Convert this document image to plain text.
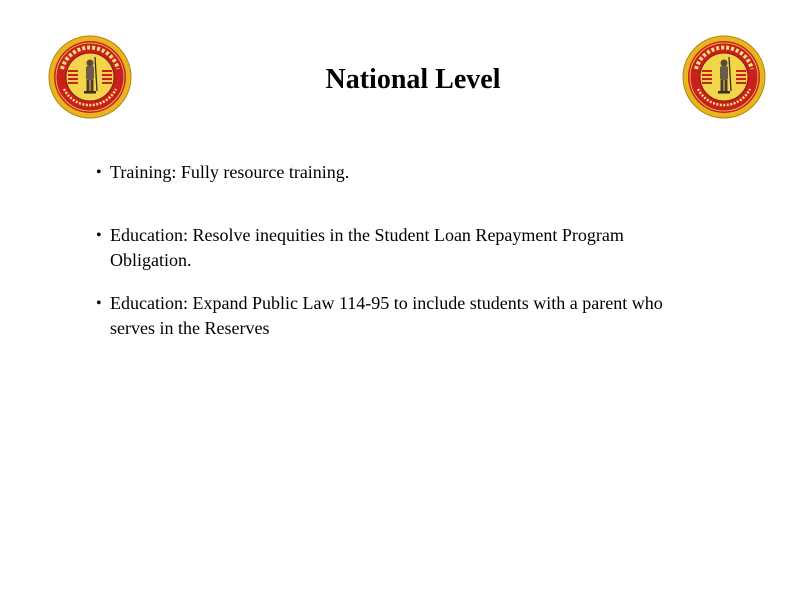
National Level
• Training: Fully resource training.
• Education: Resolve inequities in the Student Loan Repayment Program Obligation.
• Education: Expand Public Law 114-95 to include students with a parent who serves in the Reserves
